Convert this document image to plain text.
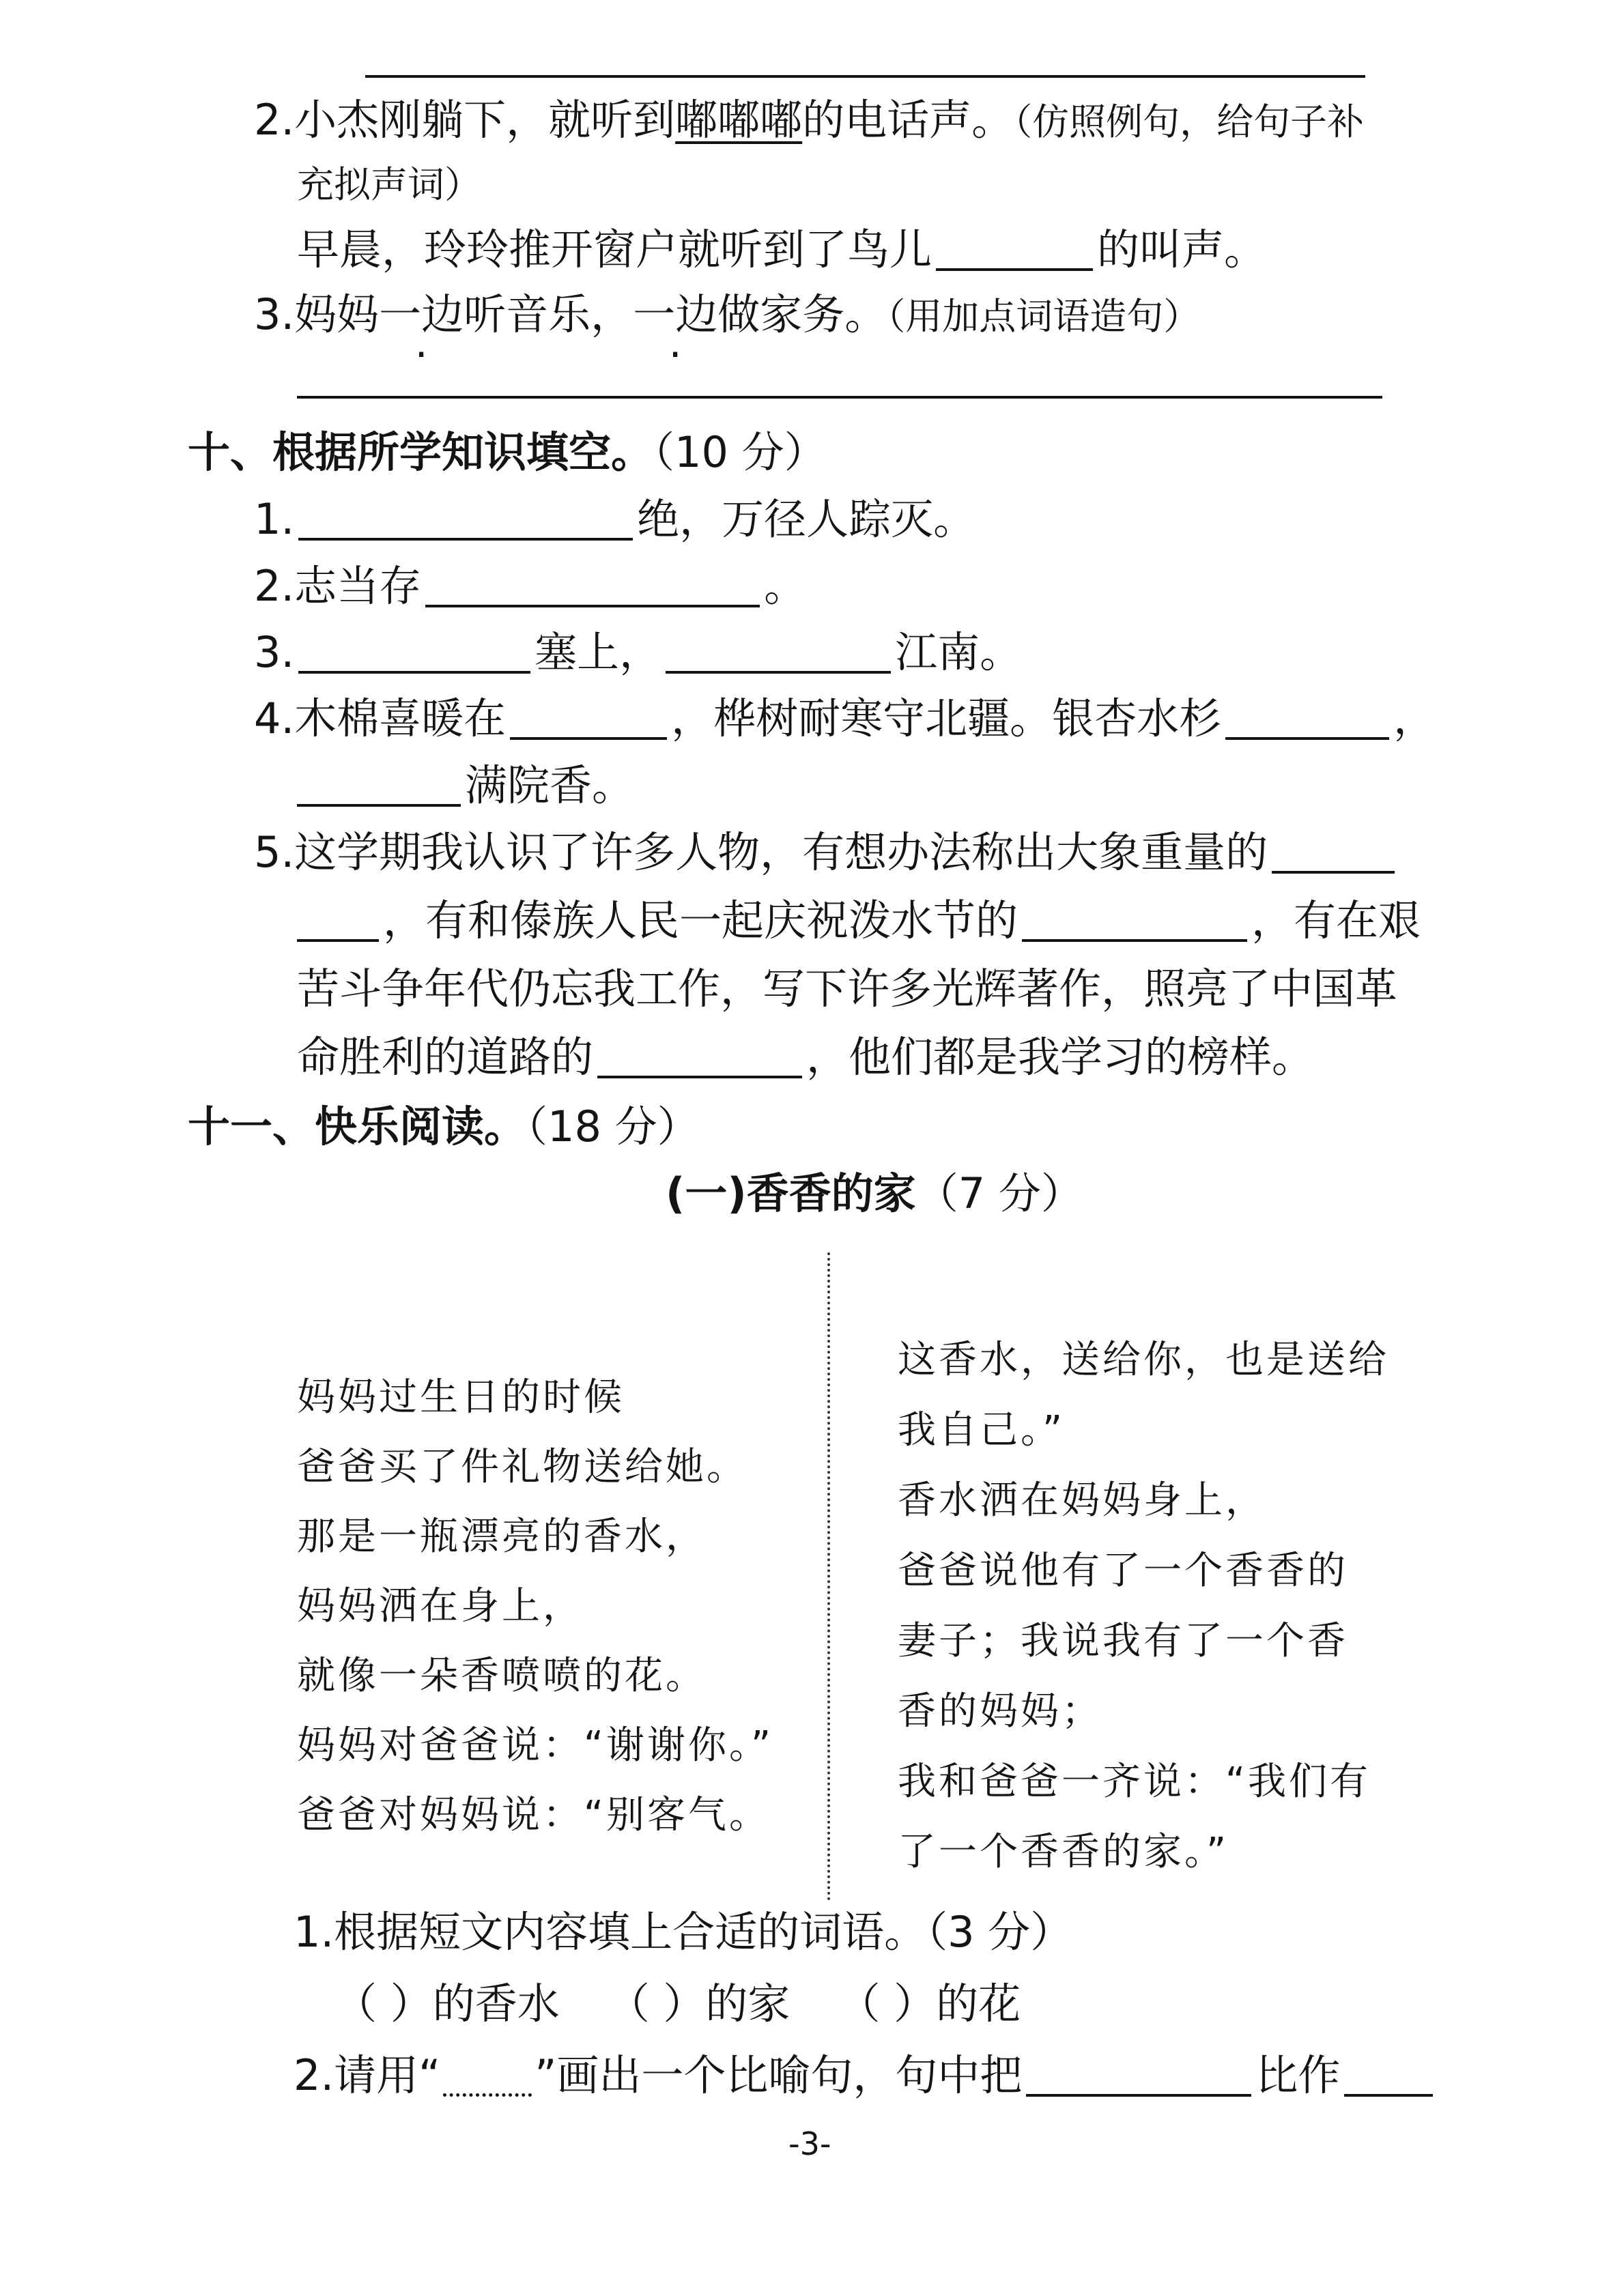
2.小杰刚躺下，就听到嘟嘟嘟的电话声。（仿照例句，给句子补
充拟声词）
早晨，玲玲推开窗户就听到了鸟儿	的叫声。
3.妈妈一边听音乐，一边做家务。（用加点词语造句）
十、根据所学知识填空。（10 分）
1.	绝，万径人踪灭。
2.志当存	。
3.	塞上，	江南。
4.木棉喜暖在	，桦树耐寒守北疆。银杏水杉	，
满院香。
5.这学期我认识了许多人物，有想办法称出大象重量的
，有和傣族人民一起庆祝泼水节的	，有在艰
苦斗争年代仍忘我工作，写下许多光辉著作，照亮了中国革
命胜利的道路的	，他们都是我学习的榜样。
十一、快乐阅读。（18 分）
(一)香香的家（7 分）
妈妈过生日的时候
爸爸买了件礼物送给她。
那是一瓶漂亮的香水，
妈妈洒在身上，
就像一朵香喷喷的花。
妈妈对爸爸说：“谢谢你。”
爸爸对妈妈说：“别客气。
这香水，送给你，也是送给
我自己。”
香水洒在妈妈身上，
爸爸说他有了一个香香的
妻子；我说我有了一个香
香的妈妈；
我和爸爸一齐说：“我们有
了一个香香的家。”
1.根据短文内容填上合适的词语。（3 分）
（ ）的香水 （ ）的家 （ ）的花
2.请用“ ”画出一个比喻句，句中把	比作
-3-
